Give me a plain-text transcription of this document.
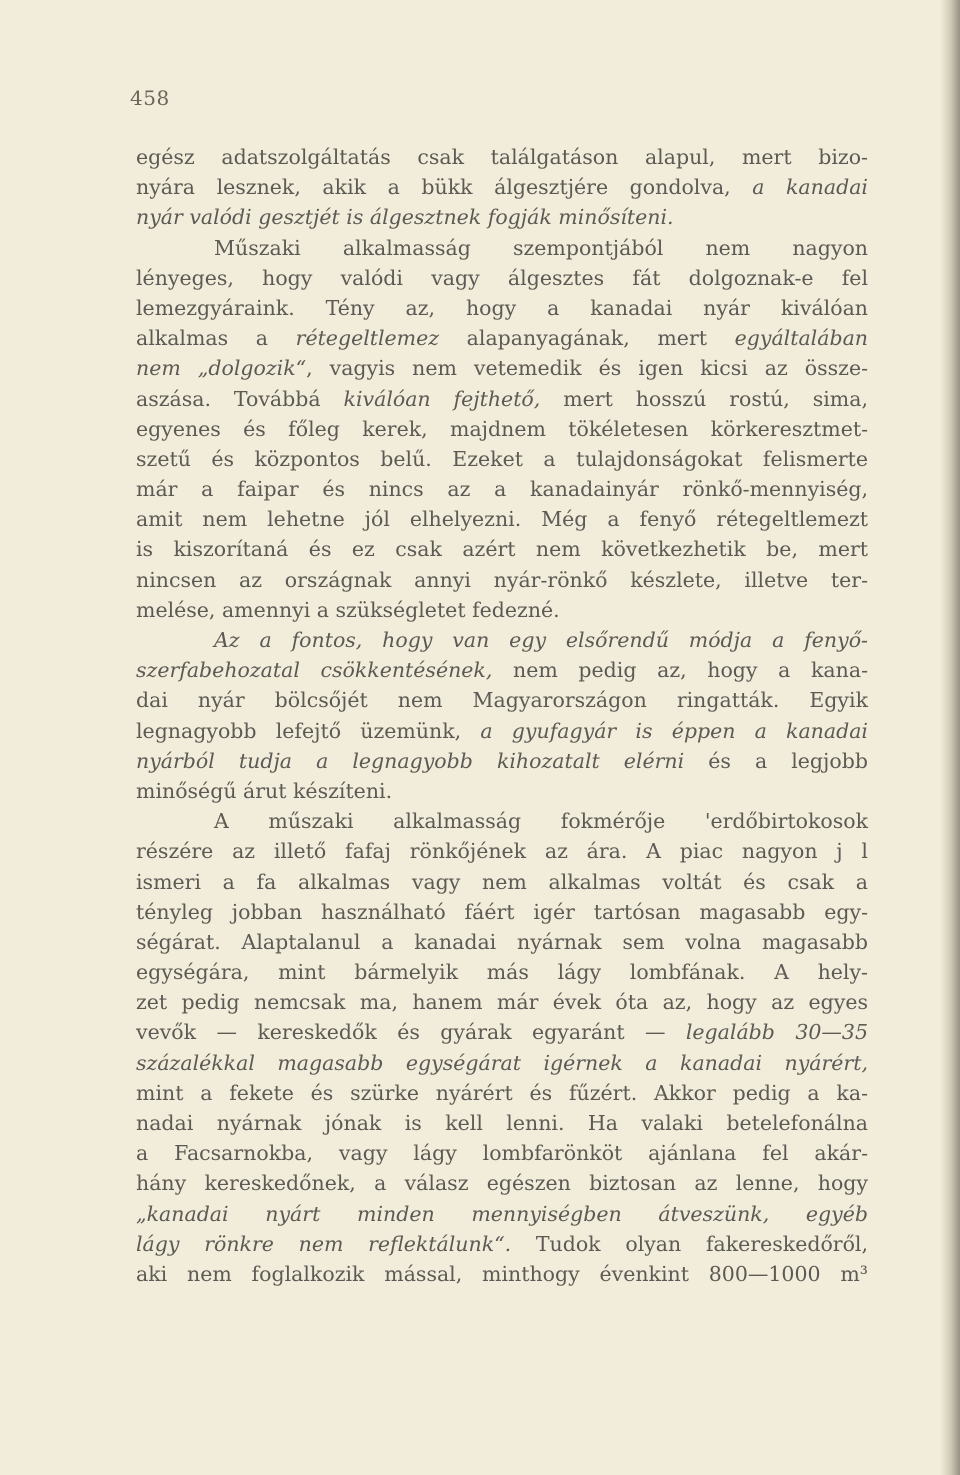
458
egész adatszolgáltatás csak találgatáson alapul, mert bizo-
nyára lesznek, akik a bükk álgesztjére gondolva, a kanadai
nyár valódi gesztjét is álgesztnek fogják minősíteni.
Műszaki alkalmasság szempontjából nem nagyon
lényeges, hogy valódi vagy álgesztes fát dolgoznak-e fel
lemezgyáraink. Tény az, hogy a kanadai nyár kiválóan
alkalmas a rétegeltlemez alapanyagának, mert egyáltalában
nem „dolgozik“, vagyis nem vetemedik és igen kicsi az össze-
aszása. Továbbá kiválóan fejthető, mert hosszú rostú, sima,
egyenes és főleg kerek, majdnem tökéletesen körkeresztmet-
szetű és központos belű. Ezeket a tulajdonságokat felismerte
már a faipar és nincs az a kanadainyár rönkő-mennyiség,
amit nem lehetne jól elhelyezni. Még a fenyő rétegeltlemezt
is kiszorítaná és ez csak azért nem következhetik be, mert
nincsen az országnak annyi nyár-rönkő készlete, illetve ter-
melése, amennyi a szükségletet fedezné.
Az a fontos, hogy van egy elsőrendű módja a fenyő-
szerfabehozatal csökkentésének, nem pedig az, hogy a kana-
dai nyár bölcsőjét nem Magyarországon ringatták. Egyik
legnagyobb lefejtő üzemünk, a gyufagyár is éppen a kanadai
nyárból tudja a legnagyobb kihozatalt elérni és a legjobb
minőségű árut készíteni.
A műszaki alkalmasság fokmérője 'erdőbirtokosok
részére az illető fafaj rönkőjének az ára. A piac nagyon j l
ismeri a fa alkalmas vagy nem alkalmas voltát és csak a
tényleg jobban használható fáért igér tartósan magasabb egy-
ségárat. Alaptalanul a kanadai nyárnak sem volna magasabb
egységára, mint bármelyik más lágy lombfának. A hely-
zet pedig nemcsak ma, hanem már évek óta az, hogy az egyes
vevők — kereskedők és gyárak egyaránt — legalább 30—35
százalékkal magasabb egységárat igérnek a kanadai nyárért,
mint a fekete és szürke nyárért és fűzért. Akkor pedig a ka-
nadai nyárnak jónak is kell lenni. Ha valaki betelefonálna
a Facsarnokba, vagy lágy lombfarönköt ajánlana fel akár-
hány kereskedőnek, a válasz egészen biztosan az lenne, hogy
„kanadai nyárt minden mennyiségben átveszünk, egyéb
lágy rönkre nem reflektálunk“. Tudok olyan fakereskedőről,
aki nem foglalkozik mással, minthogy évenkint 800—1000 m³
